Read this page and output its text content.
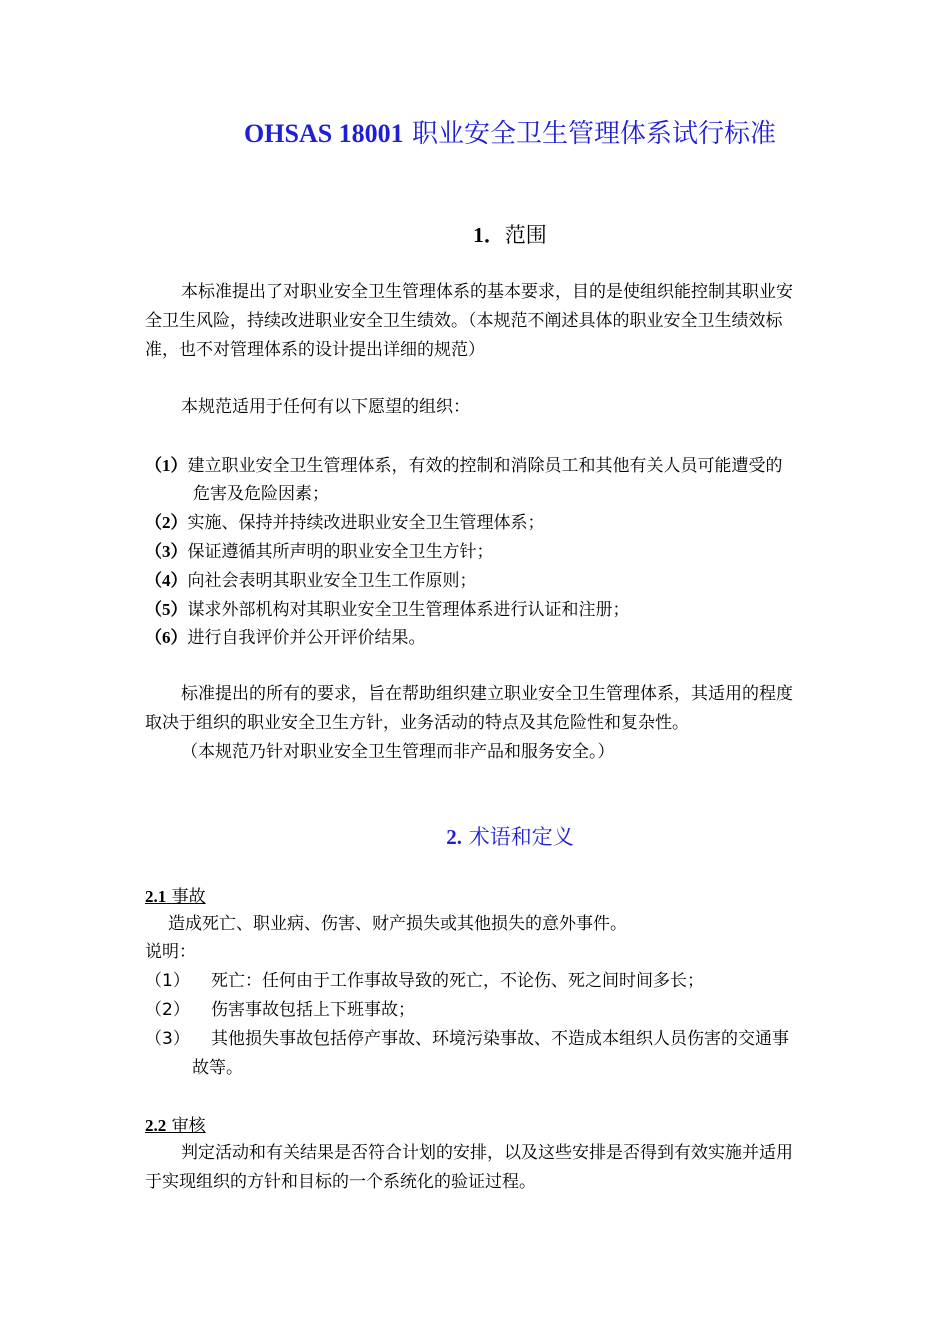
OHSAS 18001 职业安全卫生管理体系试行标准
1．范围
本标准提出了对职业安全卫生管理体系的基本要求，目的是使组织能控制其职业安
全卫生风险，持续改进职业安全卫生绩效。（本规范不阐述具体的职业安全卫生绩效标
准，也不对管理体系的设计提出详细的规范）
本规范适用于任何有以下愿望的组织：
（1）建立职业安全卫生管理体系，有效的控制和消除员工和其他有关人员可能遭受的
危害及危险因素；
（2）实施、保持并持续改进职业安全卫生管理体系；
（3）保证遵循其所声明的职业安全卫生方针；
（4）向社会表明其职业安全卫生工作原则；
（5）谋求外部机构对其职业安全卫生管理体系进行认证和注册；
（6）进行自我评价并公开评价结果。
标准提出的所有的要求，旨在帮助组织建立职业安全卫生管理体系，其适用的程度
取决于组织的职业安全卫生方针，业务活动的特点及其危险性和复杂性。
（本规范乃针对职业安全卫生管理而非产品和服务安全。）
2. 术语和定义
2.1 事故
造成死亡、职业病、伤害、财产损失或其他损失的意外事件。
说明：
（1） 死亡：任何由于工作事故导致的死亡，不论伤、死之间时间多长；
（2） 伤害事故包括上下班事故；
（3） 其他损失事故包括停产事故、环境污染事故、不造成本组织人员伤害的交通事
故等。
2.2 审核
判定活动和有关结果是否符合计划的安排，以及这些安排是否得到有效实施并适用
于实现组织的方针和目标的一个系统化的验证过程。
